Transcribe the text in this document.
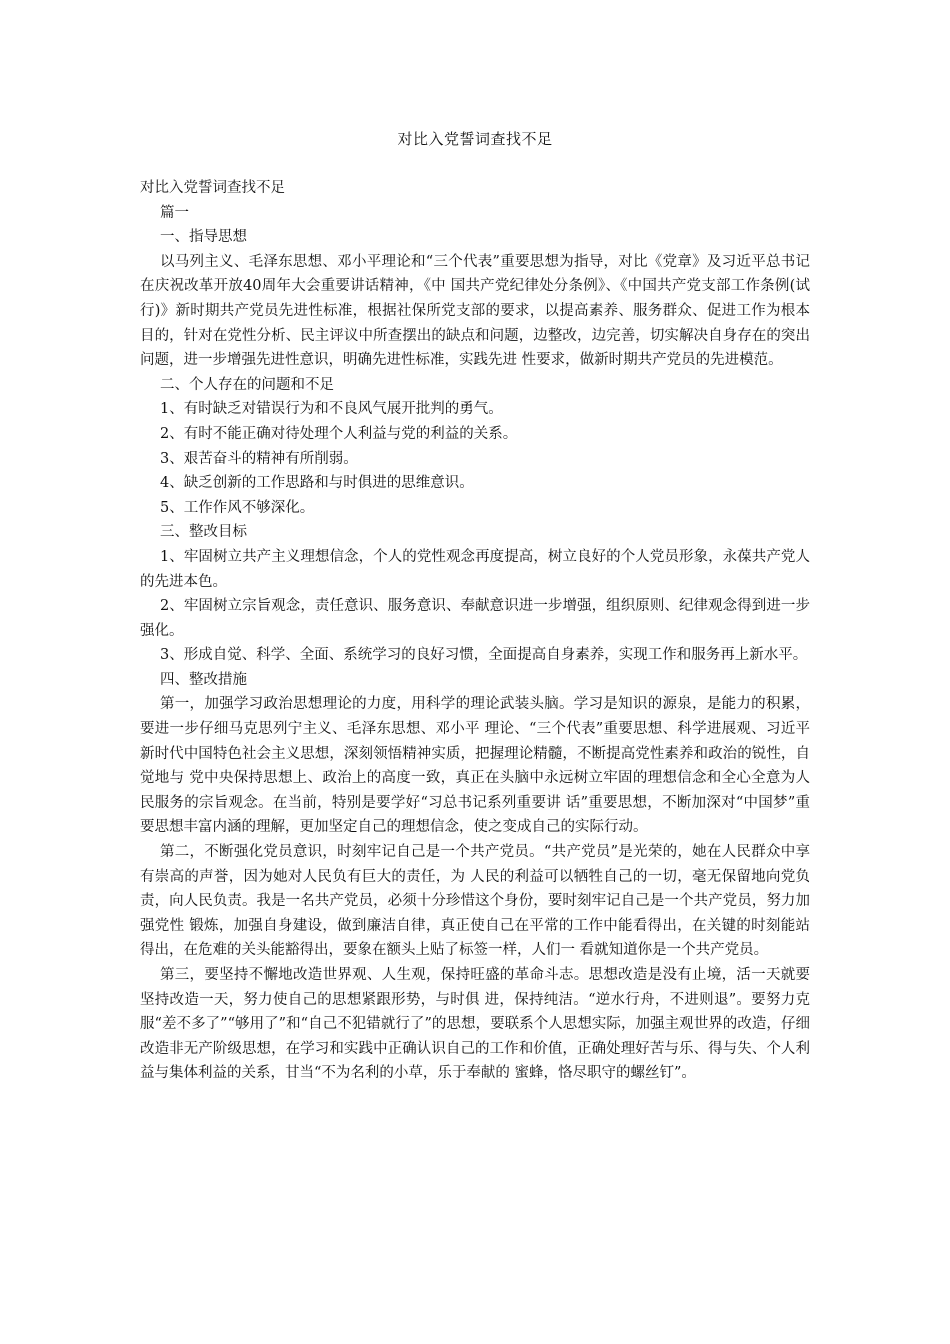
对比入党誓词查找不足

对比入党誓词查找不足

篇一

一、指导思想

以马列主义、毛泽东思想、邓小平理论和“三个代表”重要思想为指导，对比《党章》及习近平总书记在庆祝改革开放40周年大会重要讲话精神，《中 国共产党纪律处分条例》、《中国共产党支部工作条例(试行)》新时期共产党员先进性标准，根据社保所党支部的要求，以提高素养、服务群众、促进工作为根本 目的，针对在党性分析、民主评议中所查摆出的缺点和问题，边整改，边完善，切实解决自身存在的突出问题，进一步增强先进性意识，明确先进性标准，实践先进 性要求，做新时期共产党员的先进模范。

二、个人存在的问题和不足

1、有时缺乏对错误行为和不良风气展开批判的勇气。

2、有时不能正确对待处理个人利益与党的利益的关系。

3、艰苦奋斗的精神有所削弱。

4、缺乏创新的工作思路和与时俱进的思维意识。

5、工作作风不够深化。

三、整改目标

1、牢固树立共产主义理想信念，个人的党性观念再度提高，树立良好的个人党员形象，永葆共产党人的先进本色。

2、牢固树立宗旨观念，责任意识、服务意识、奉献意识进一步增强，组织原则、纪律观念得到进一步强化。

3、形成自觉、科学、全面、系统学习的良好习惯，全面提高自身素养，实现工作和服务再上新水平。

四、整改措施

第一，加强学习政治思想理论的力度，用科学的理论武装头脑。学习是知识的源泉，是能力的积累，要进一步仔细马克思列宁主义、毛泽东思想、邓小平 理论、“三个代表”重要思想、科学进展观、习近平新时代中国特色社会主义思想，深刻领悟精神实质，把握理论精髓，不断提高党性素养和政治的锐性，自觉地与 党中央保持思想上、政治上的高度一致，真正在头脑中永远树立牢固的理想信念和全心全意为人民服务的宗旨观念。在当前，特别是要学好“习总书记系列重要讲 话”重要思想，不断加深对“中国梦”重要思想丰富内涵的理解，更加坚定自己的理想信念，使之变成自己的实际行动。

第二，不断强化党员意识，时刻牢记自己是一个共产党员。“共产党员”是光荣的，她在人民群众中享有崇高的声誉，因为她对人民负有巨大的责任，为 人民的利益可以牺牲自己的一切，毫无保留地向党负责，向人民负责。我是一名共产党员，必须十分珍惜这个身份，要时刻牢记自己是一个共产党员，努力加强党性 锻炼，加强自身建设，做到廉洁自律，真正使自己在平常的工作中能看得出，在关键的时刻能站得出，在危难的关头能豁得出，要象在额头上贴了标签一样，人们一 看就知道你是一个共产党员。

第三，要坚持不懈地改造世界观、人生观，保持旺盛的革命斗志。思想改造是没有止境，活一天就要坚持改造一天，努力使自己的思想紧跟形势，与时俱 进，保持纯洁。“逆水行舟，不进则退”。要努力克服“差不多了”“够用了”和“自己不犯错就行了”的思想，要联系个人思想实际，加强主观世界的改造，仔细 改造非无产阶级思想，在学习和实践中正确认识自己的工作和价值，正确处理好苦与乐、得与失、个人利益与集体利益的关系，甘当“不为名利的小草，乐于奉献的 蜜蜂，恪尽职守的螺丝钉”。
